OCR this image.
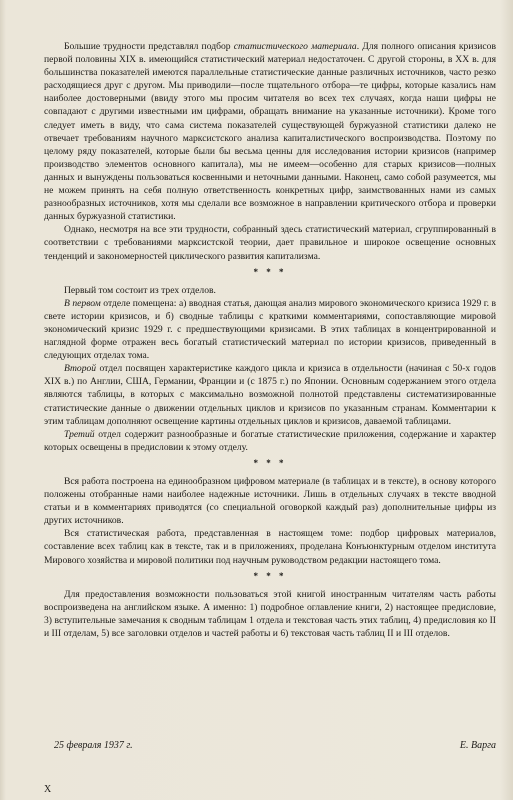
Большие трудности представлял подбор статистического материала. Для полного описания кризисов первой половины XIX в. имеющийся статистический материал недостаточен. С другой стороны, в XX в. для большинства показателей имеются параллельные статистические данные различных источников, часто резко расходящиеся друг с другом. Мы приводили—после тщательного отбора—те цифры, которые казались нам наиболее достоверными (ввиду этого мы просим читателя во всех тех случаях, когда наши цифры не совпадают с другими известными им цифрами, обращать внимание на указанные источники). Кроме того следует иметь в виду, что сама система показателей существующей буржуазной статистики далеко не отвечает требованиям научного марксистского анализа капиталистического воспроизводства. Поэтому по целому ряду показателей, которые были бы весьма ценны для исследования истории кризисов (например производство элементов основного капитала), мы не имеем—особенно для старых кризисов—полных данных и вынуждены пользоваться косвенными и неточными данными. Наконец, само собой разумеется, мы не можем принять на себя полную ответственность конкретных цифр, заимствованных нами из самых разнообразных источников, хотя мы сделали все возможное в направлении критического отбора и проверки данных буржуазной статистики.

Однако, несмотря на все эти трудности, собранный здесь статистический материал, сгруппированный в соответствии с требованиями марксистской теории, дает правильное и широкое освещение основных тенденций и закономерностей циклического развития капитализма.

* * *

Первый том состоит из трех отделов.

В первом отделе помещена: а) вводная статья, дающая анализ мирового экономического кризиса 1929 г. в свете истории кризисов, и б) сводные таблицы с краткими комментариями, сопоставляющие мировой экономический кризис 1929 г. с предшествующими кризисами. В этих таблицах в концентрированной и наглядной форме отражен весь богатый статистический материал по истории кризисов, приведенный в следующих отделах тома.

Второй отдел посвящен характеристике каждого цикла и кризиса в отдельности (начиная с 50-х годов XIX в.) по Англии, США, Германии, Франции и (с 1875 г.) по Японии. Основным содержанием этого отдела являются таблицы, в которых с максимально возможной полнотой представлены систематизированные статистические данные о движении отдельных циклов и кризисов по указанным странам. Комментарии к этим таблицам дополняют освещение картины отдельных циклов и кризисов, даваемой таблицами.

Третий отдел содержит разнообразные и богатые статистические приложения, содержание и характер которых освещены в предисловии к этому отделу.

* * *

Вся работа построена на единообразном цифровом материале (в таблицах и в тексте), в основу которого положены отобранные нами наиболее надежные источники. Лишь в отдельных случаях в тексте вводной статьи и в комментариях приводятся (со специальной оговоркой каждый раз) дополнительные цифры из других источников.

Вся статистическая работа, представленная в настоящем томе: подбор цифровых материалов, составление всех таблиц как в тексте, так и в приложениях, проделана Конъюнктурным отделом института Мирового хозяйства и мировой политики под научным руководством редакции настоящего тома.

* * *

Для предоставления возможности пользоваться этой книгой иностранным читателям часть работы воспроизведена на английском языке. А именно: 1) подробное оглавление книги, 2) настоящее предисловие, 3) вступительные замечания к сводным таблицам 1 отдела и текстовая часть этих таблиц, 4) предисловия ко II и III отделам, 5) все заголовки отделов и частей работы и 6) текстовая часть таблиц II и III отделов.

25 февраля 1937 г.	Е. Варга
X
